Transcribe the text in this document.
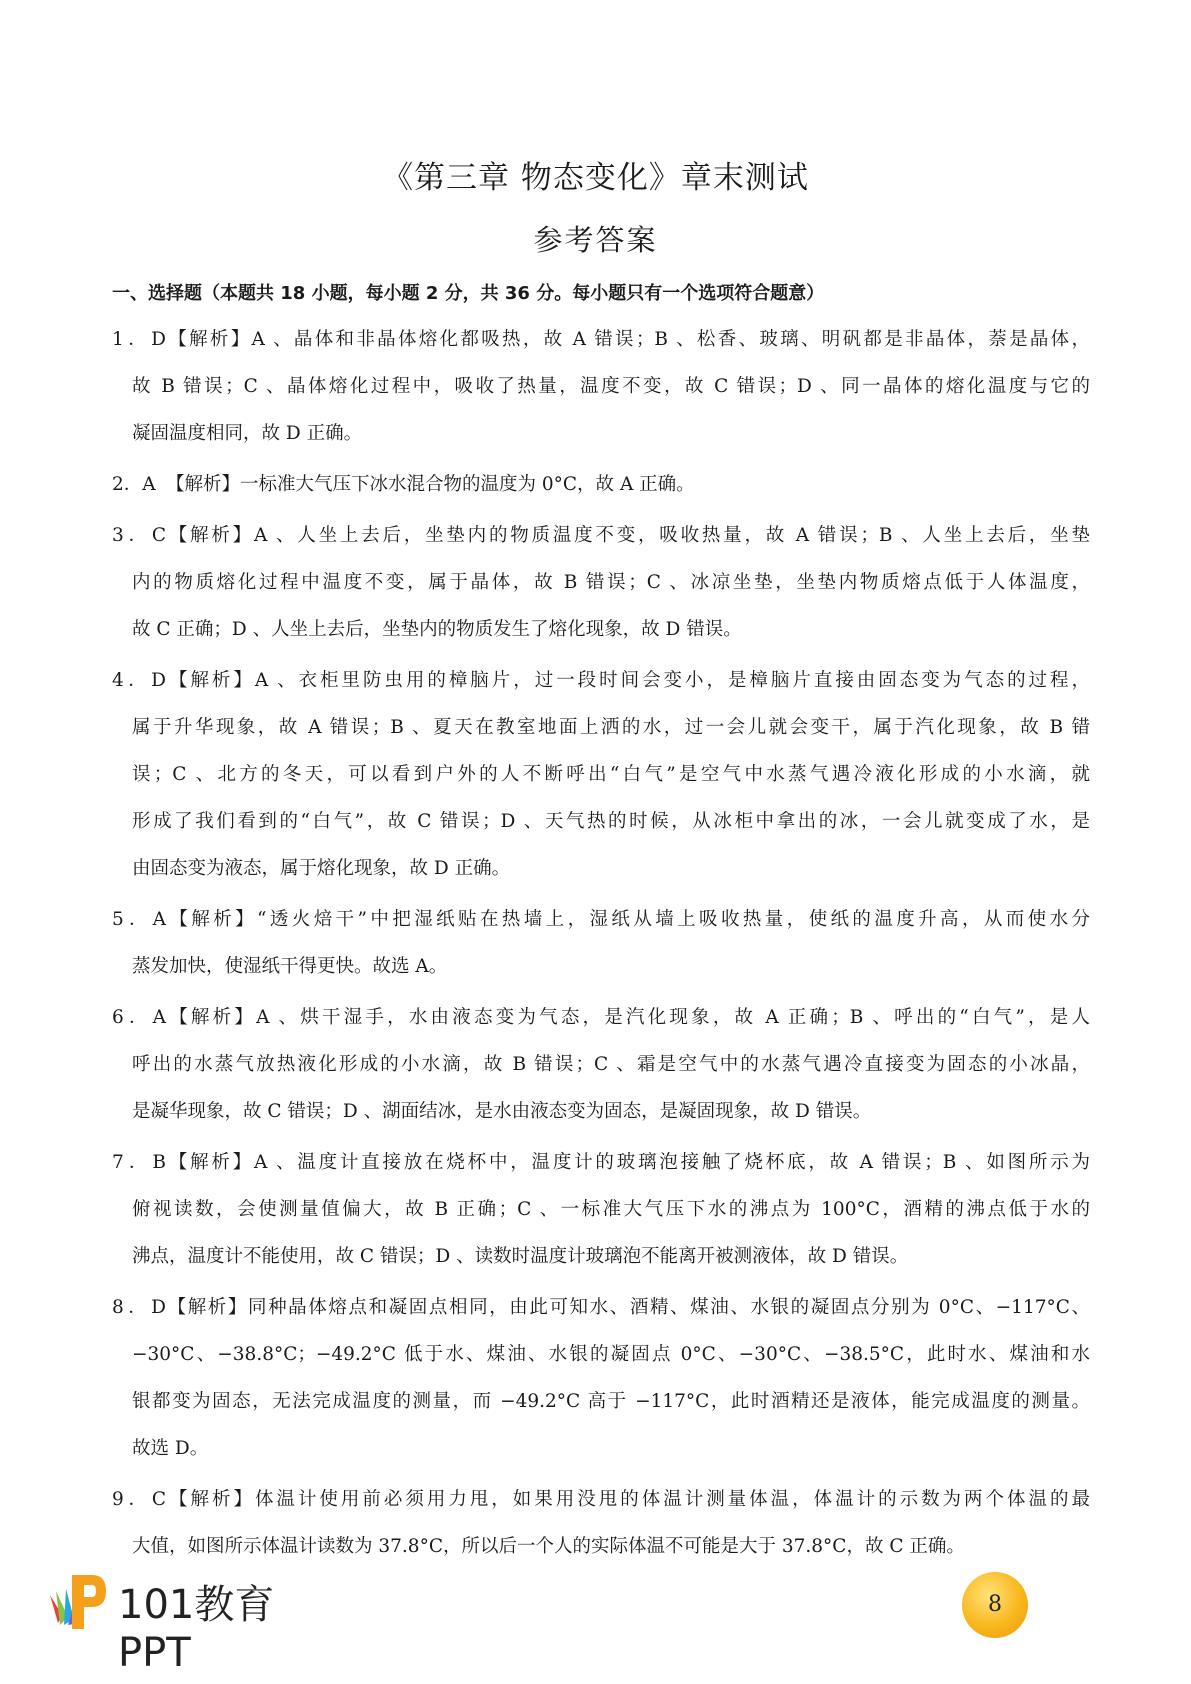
《第三章 物态变化》章末测试
参考答案
一、选择题（本题共 18 小题，每小题 2 分，共 36 分。每小题只有一个选项符合题意）
1．D【解析】A 、晶体和非晶体熔化都吸热，故 A 错误；B 、松香、玻璃、明矾都是非晶体，萘是晶体，
故 B 错误；C 、晶体熔化过程中，吸收了热量，温度不变，故 C 错误；D 、同一晶体的熔化温度与它的
凝固温度相同，故 D 正确。
2．A 【解析】一标准大气压下冰水混合物的温度为 0°C，故 A 正确。
3．C【解析】A 、人坐上去后，坐垫内的物质温度不变，吸收热量，故 A 错误；B 、人坐上去后，坐垫
内的物质熔化过程中温度不变，属于晶体，故 B 错误；C 、冰凉坐垫，坐垫内物质熔点低于人体温度，
故 C 正确；D 、人坐上去后，坐垫内的物质发生了熔化现象，故 D 错误。
4．D【解析】A 、衣柜里防虫用的樟脑片，过一段时间会变小，是樟脑片直接由固态变为气态的过程，
属于升华现象，故 A 错误；B 、夏天在教室地面上洒的水，过一会儿就会变干，属于汽化现象，故 B 错
误；C 、北方的冬天，可以看到户外的人不断呼出“白气”是空气中水蒸气遇冷液化形成的小水滴，就
形成了我们看到的“白气”，故 C 错误；D 、天气热的时候，从冰柜中拿出的冰，一会儿就变成了水，是
由固态变为液态，属于熔化现象，故 D 正确。
5．A【解析】“透火焙干”中把湿纸贴在热墙上，湿纸从墙上吸收热量，使纸的温度升高，从而使水分
蒸发加快，使湿纸干得更快。故选 A。
6．A【解析】A 、烘干湿手，水由液态变为气态，是汽化现象，故 A 正确；B 、呼出的“白气”，是人
呼出的水蒸气放热液化形成的小水滴，故 B 错误；C 、霜是空气中的水蒸气遇冷直接变为固态的小冰晶，
是凝华现象，故 C 错误；D 、湖面结冰，是水由液态变为固态，是凝固现象，故 D 错误。
7．B【解析】A 、温度计直接放在烧杯中，温度计的玻璃泡接触了烧杯底，故 A 错误；B 、如图所示为
俯视读数，会使测量值偏大，故 B 正确；C 、一标准大气压下水的沸点为 100°C，酒精的沸点低于水的
沸点，温度计不能使用，故 C 错误；D 、读数时温度计玻璃泡不能离开被测液体，故 D 错误。
8．D【解析】同种晶体熔点和凝固点相同，由此可知水、酒精、煤油、水银的凝固点分别为 0°C、−117°C、
−30°C、−38.8°C；−49.2°C 低于水、煤油、水银的凝固点 0°C、−30°C、−38.5°C，此时水、煤油和水
银都变为固态，无法完成温度的测量，而 −49.2°C 高于 −117°C，此时酒精还是液体，能完成温度的测量。
故选 D。
9．C【解析】体温计使用前必须用力甩，如果用没甩的体温计测量体温，体温计的示数为两个体温的最
大值，如图所示体温计读数为 37.8°C，所以后一个人的实际体温不可能是大于 37.8°C，故 C 正确。
101教育PPT
8
